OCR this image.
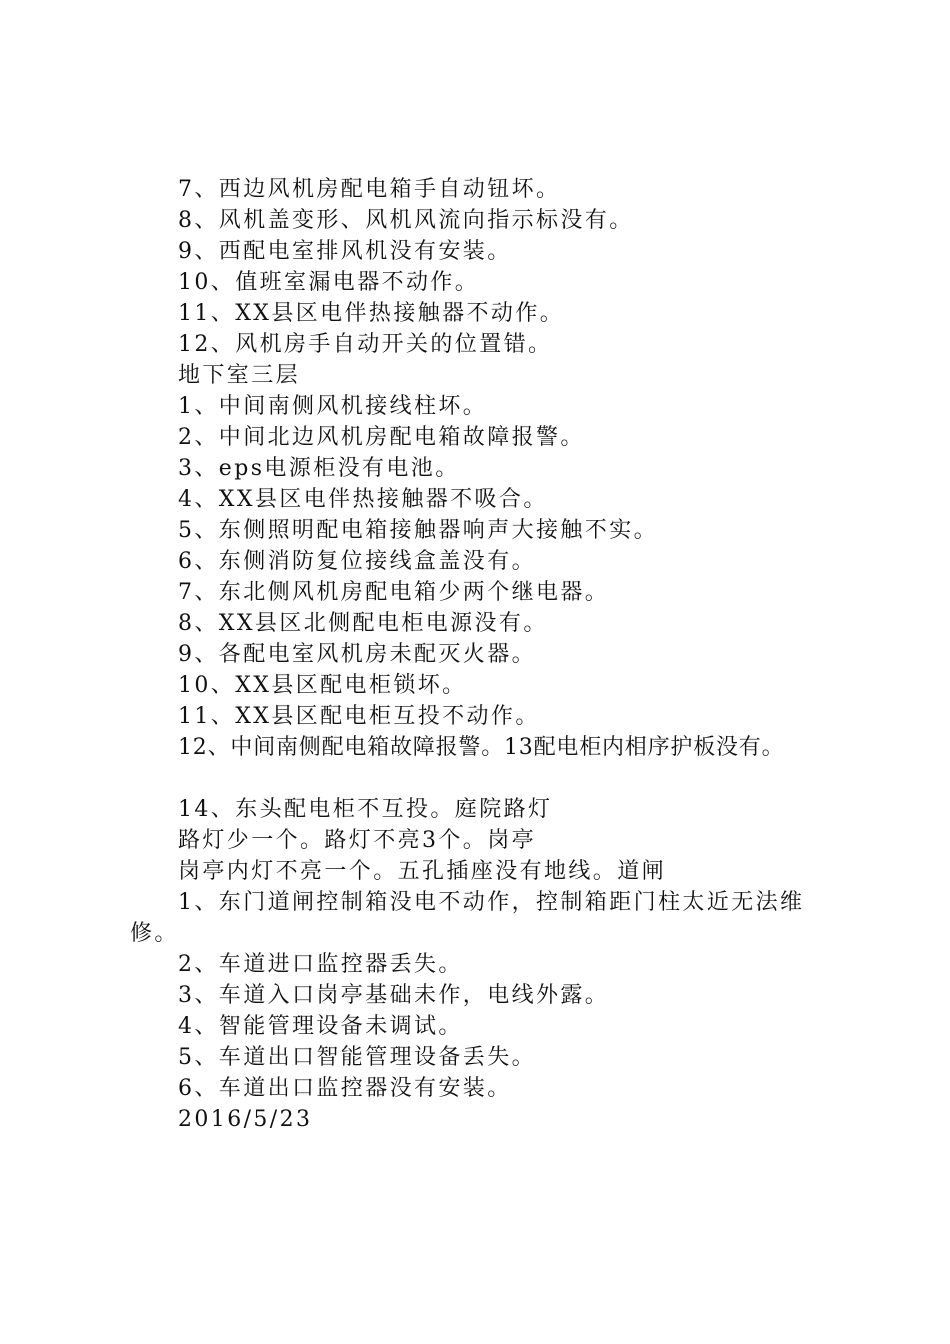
7、西边风机房配电箱手自动钮坏。
8、风机盖变形、风机风流向指示标没有。
9、西配电室排风机没有安装。
10、值班室漏电器不动作。
11、XX县区电伴热接触器不动作。
12、风机房手自动开关的位置错。
地下室三层
1、中间南侧风机接线柱坏。
2、中间北边风机房配电箱故障报警。
3、eps电源柜没有电池。
4、XX县区电伴热接触器不吸合。
5、东侧照明配电箱接触器响声大接触不实。
6、东侧消防复位接线盒盖没有。
7、东北侧风机房配电箱少两个继电器。
8、XX县区北侧配电柜电源没有。
9、各配电室风机房未配灭火器。
10、XX县区配电柜锁坏。
11、XX县区配电柜互投不动作。
12、中间南侧配电箱故障报警。13配电柜内相序护板没有。
14、东头配电柜不互投。庭院路灯
路灯少一个。路灯不亮3个。岗亭
岗亭内灯不亮一个。五孔插座没有地线。道闸
1、东门道闸控制箱没电不动作，控制箱距门柱太近无法维
修。
2、车道进口监控器丢失。
3、车道入口岗亭基础未作，电线外露。
4、智能管理设备未调试。
5、车道出口智能管理设备丢失。
6、车道出口监控器没有安装。
2016/5/23
